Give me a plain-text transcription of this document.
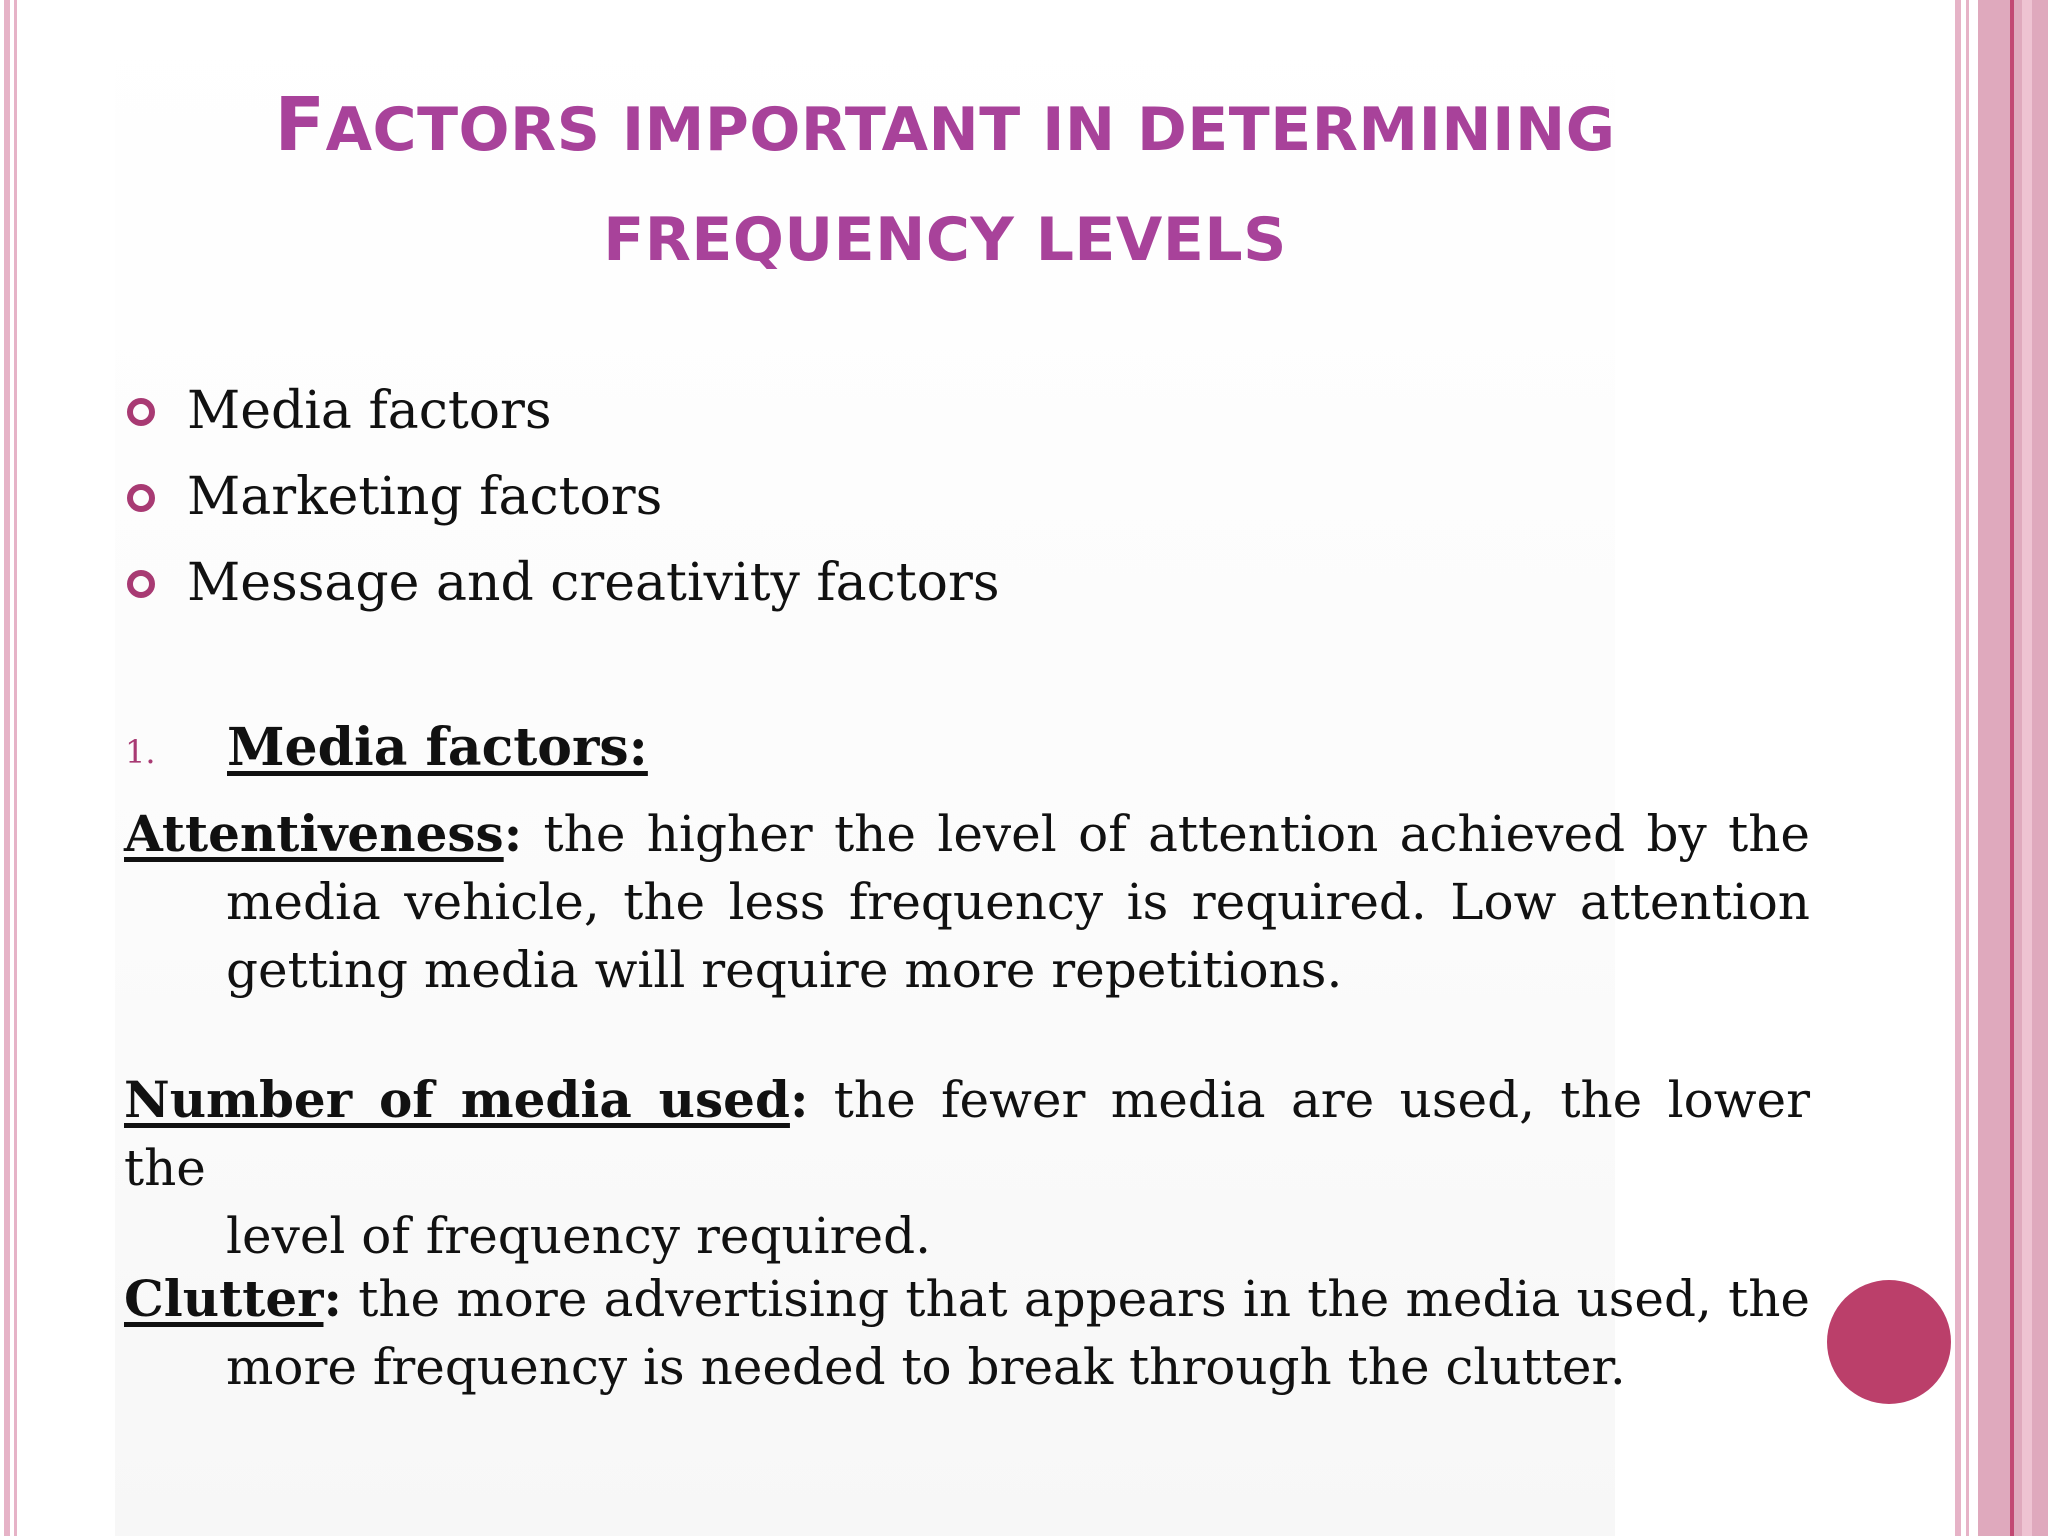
FACTORS IMPORTANT IN DETERMINING
FREQUENCY LEVELS
Media factors
Marketing factors
Message and creativity factors
1. Media factors:
Attentiveness: the higher the level of attention achieved by the
media vehicle, the less frequency is required. Low attention getting media will require more repetitions.
Number of media used: the fewer media are used, the lower the
level of frequency required.
Clutter: the more advertising that appears in the media used, the
more frequency is needed to break through the clutter.
